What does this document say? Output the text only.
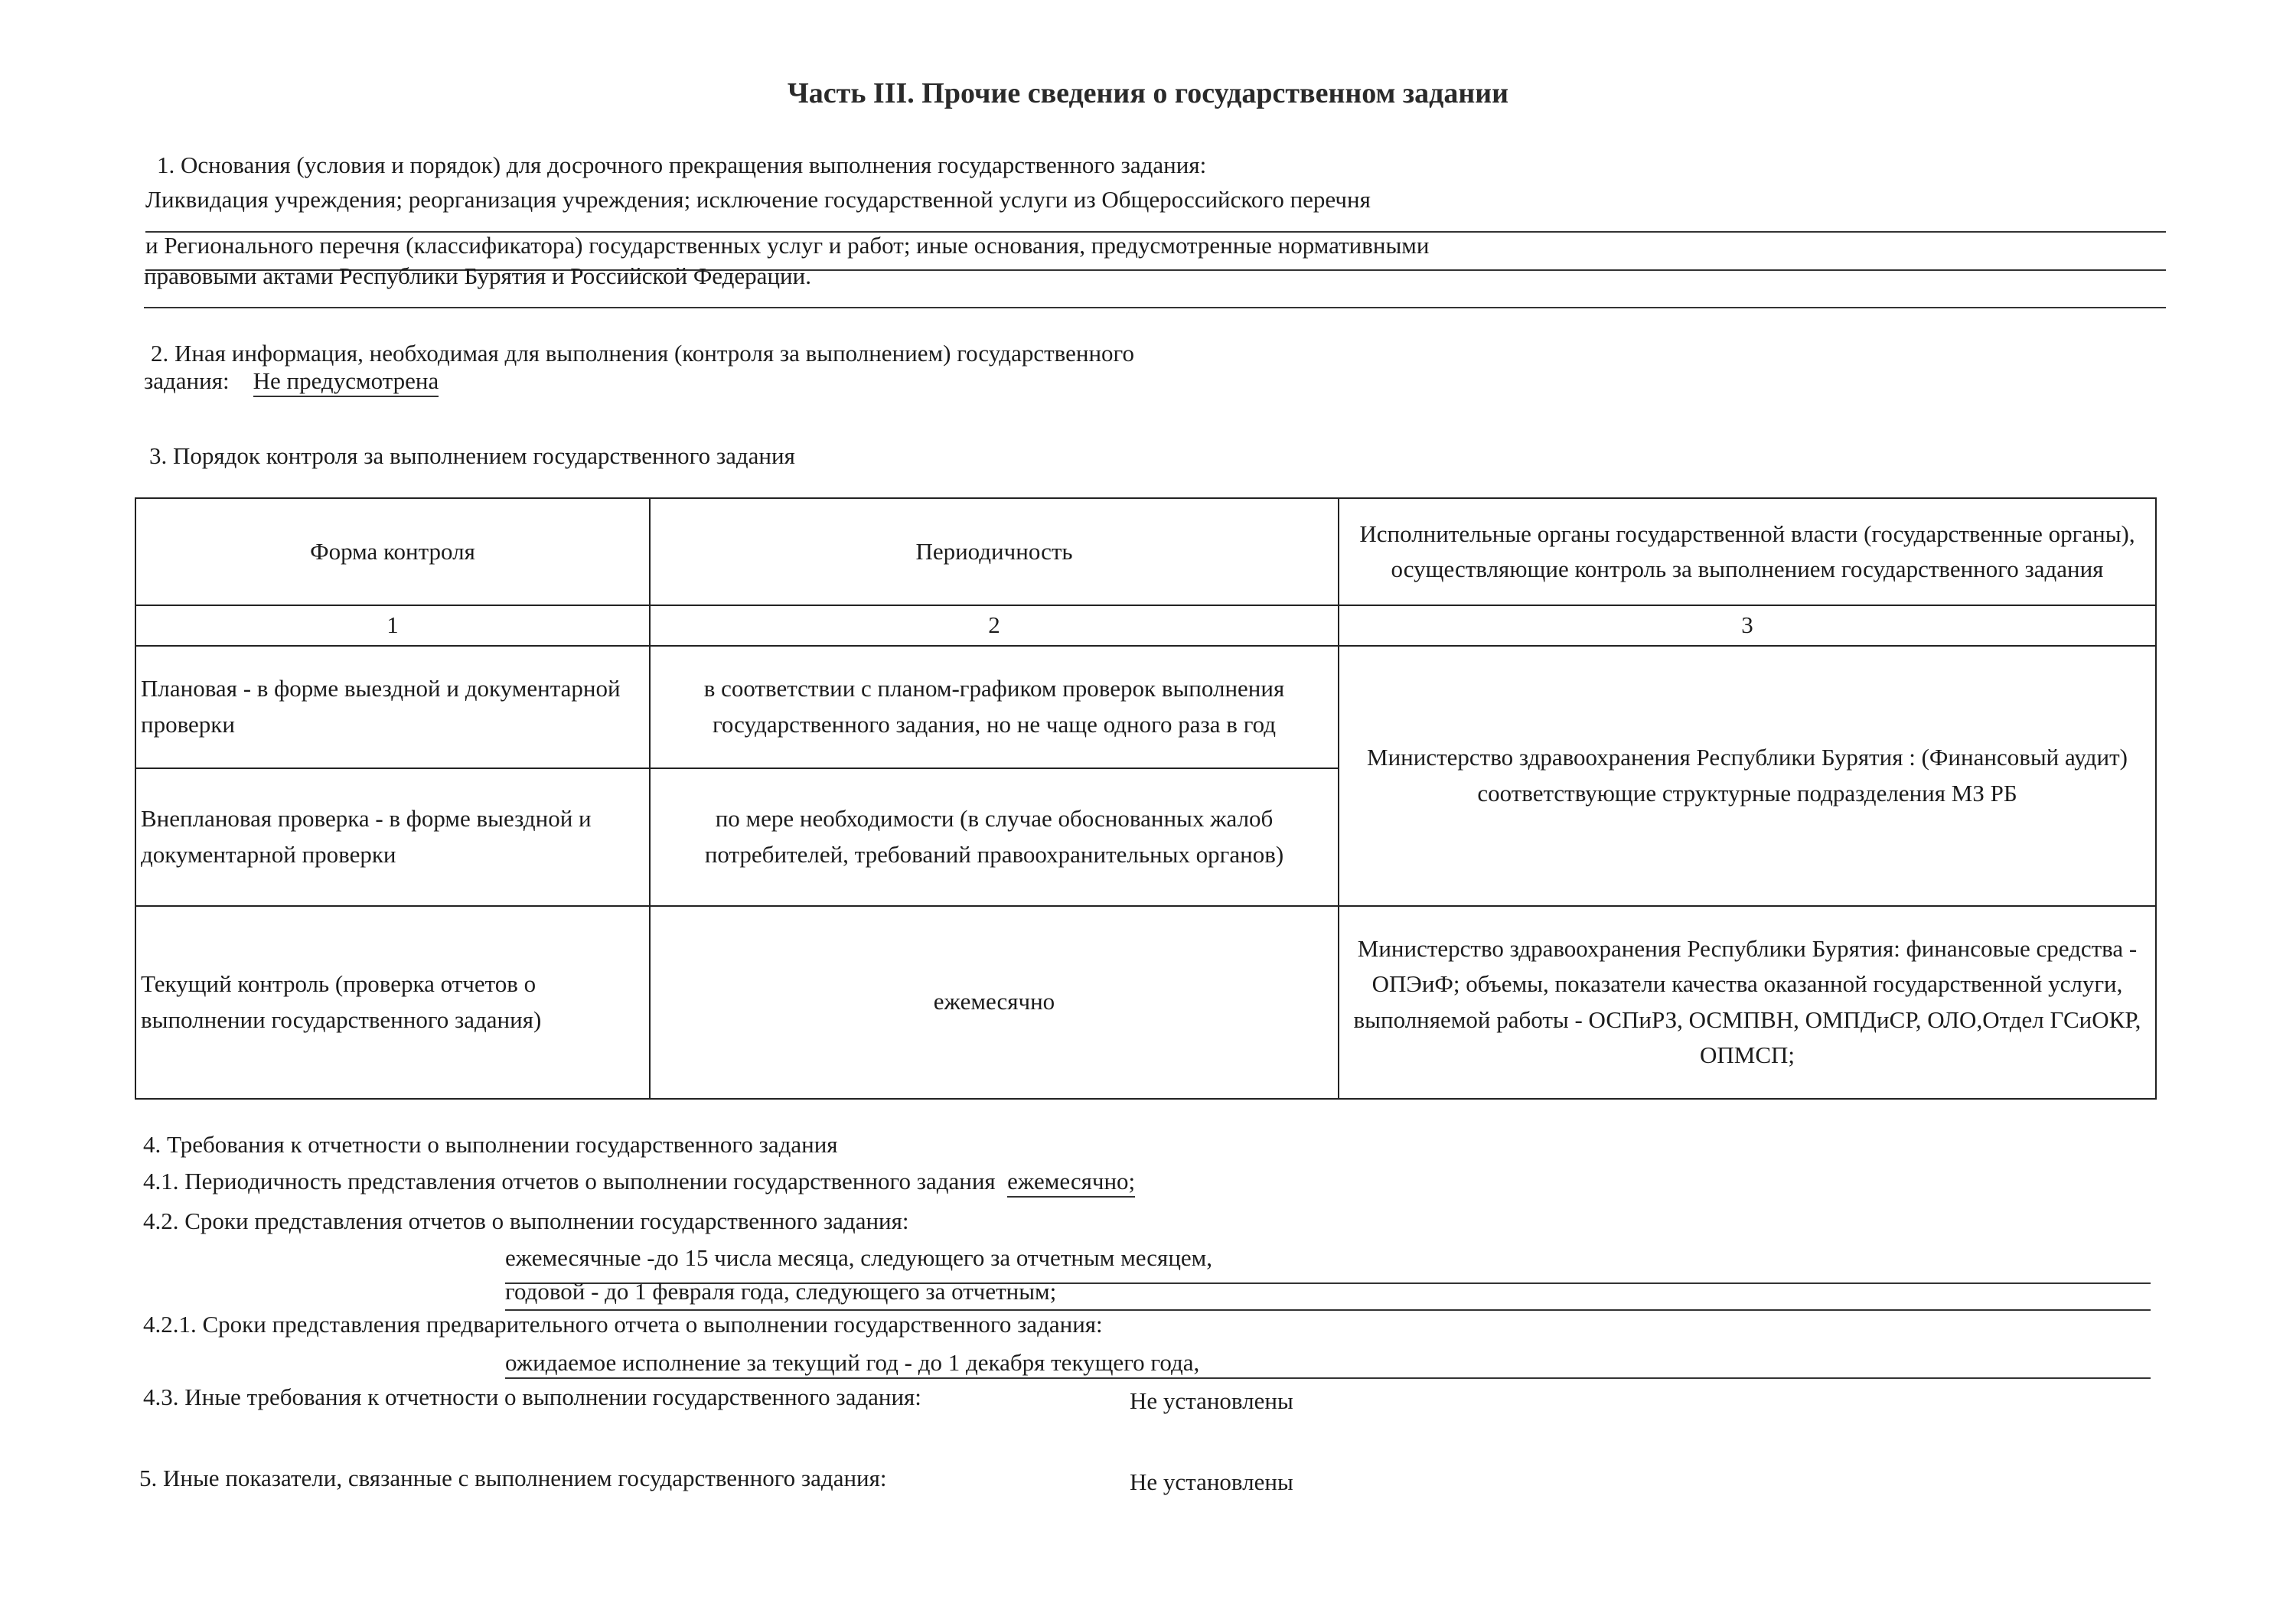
Часть III. Прочие сведения о государственном задании
1. Основания (условия и порядок) для досрочного прекращения выполнения государственного задания:
Ликвидация учреждения; реорганизация учреждения; исключение государственной услуги из Общероссийского перечня
и Регионального перечня (классификатора) государственных услуг и работ; иные основания, предусмотренные нормативными
правовыми актами Республики Бурятия и Российской Федерации.
2. Иная информация, необходимая для выполнения (контроля за выполнением) государственного
задания: Не предусмотрена
3. Порядок контроля за выполнением государственного задания
Форма контроля	Периодичность	Исполнительные органы государственной власти (государственные органы), осуществляющие контроль за выполнением государственного задания
1	2	3
Плановая - в форме выездной и документарной проверки	в соответствии с планом-графиком проверок выполнения государственного задания, но не чаще одного раза в год	Министерство здравоохранения Республики Бурятия : (Финансовый аудит) соответствующие структурные подразделения МЗ РБ
Внеплановая проверка - в форме выездной и документарной проверки	по мере необходимости (в случае обоснованных жалоб потребителей, требований правоохранительных органов)	
Текущий контроль (проверка отчетов о выполнении государственного задания)	ежемесячно	Министерство здравоохранения Республики Бурятия: финансовые средства - ОПЭиФ; объемы, показатели качества оказанной государственной услуги, выполняемой работы - ОСПиРЗ, ОСМПВН, ОМПДиСР, ОЛО,Отдел ГСиОКР, ОПМСП;
4. Требования к отчетности о выполнении государственного задания
4.1. Периодичность представления отчетов о выполнении государственного задания ежемесячно;
4.2. Сроки представления отчетов о выполнении государственного задания:
ежемесячные -до 15 числа месяца, следующего за отчетным месяцем,
годовой - до 1 февраля года, следующего за отчетным;
4.2.1. Сроки представления предварительного отчета о выполнении государственного задания:
ожидаемое исполнение за текущий год - до 1 декабря текущего года,
4.3. Иные требования к отчетности о выполнении государственного задания:	Не установлены
5. Иные показатели, связанные с выполнением государственного задания:	Не установлены
